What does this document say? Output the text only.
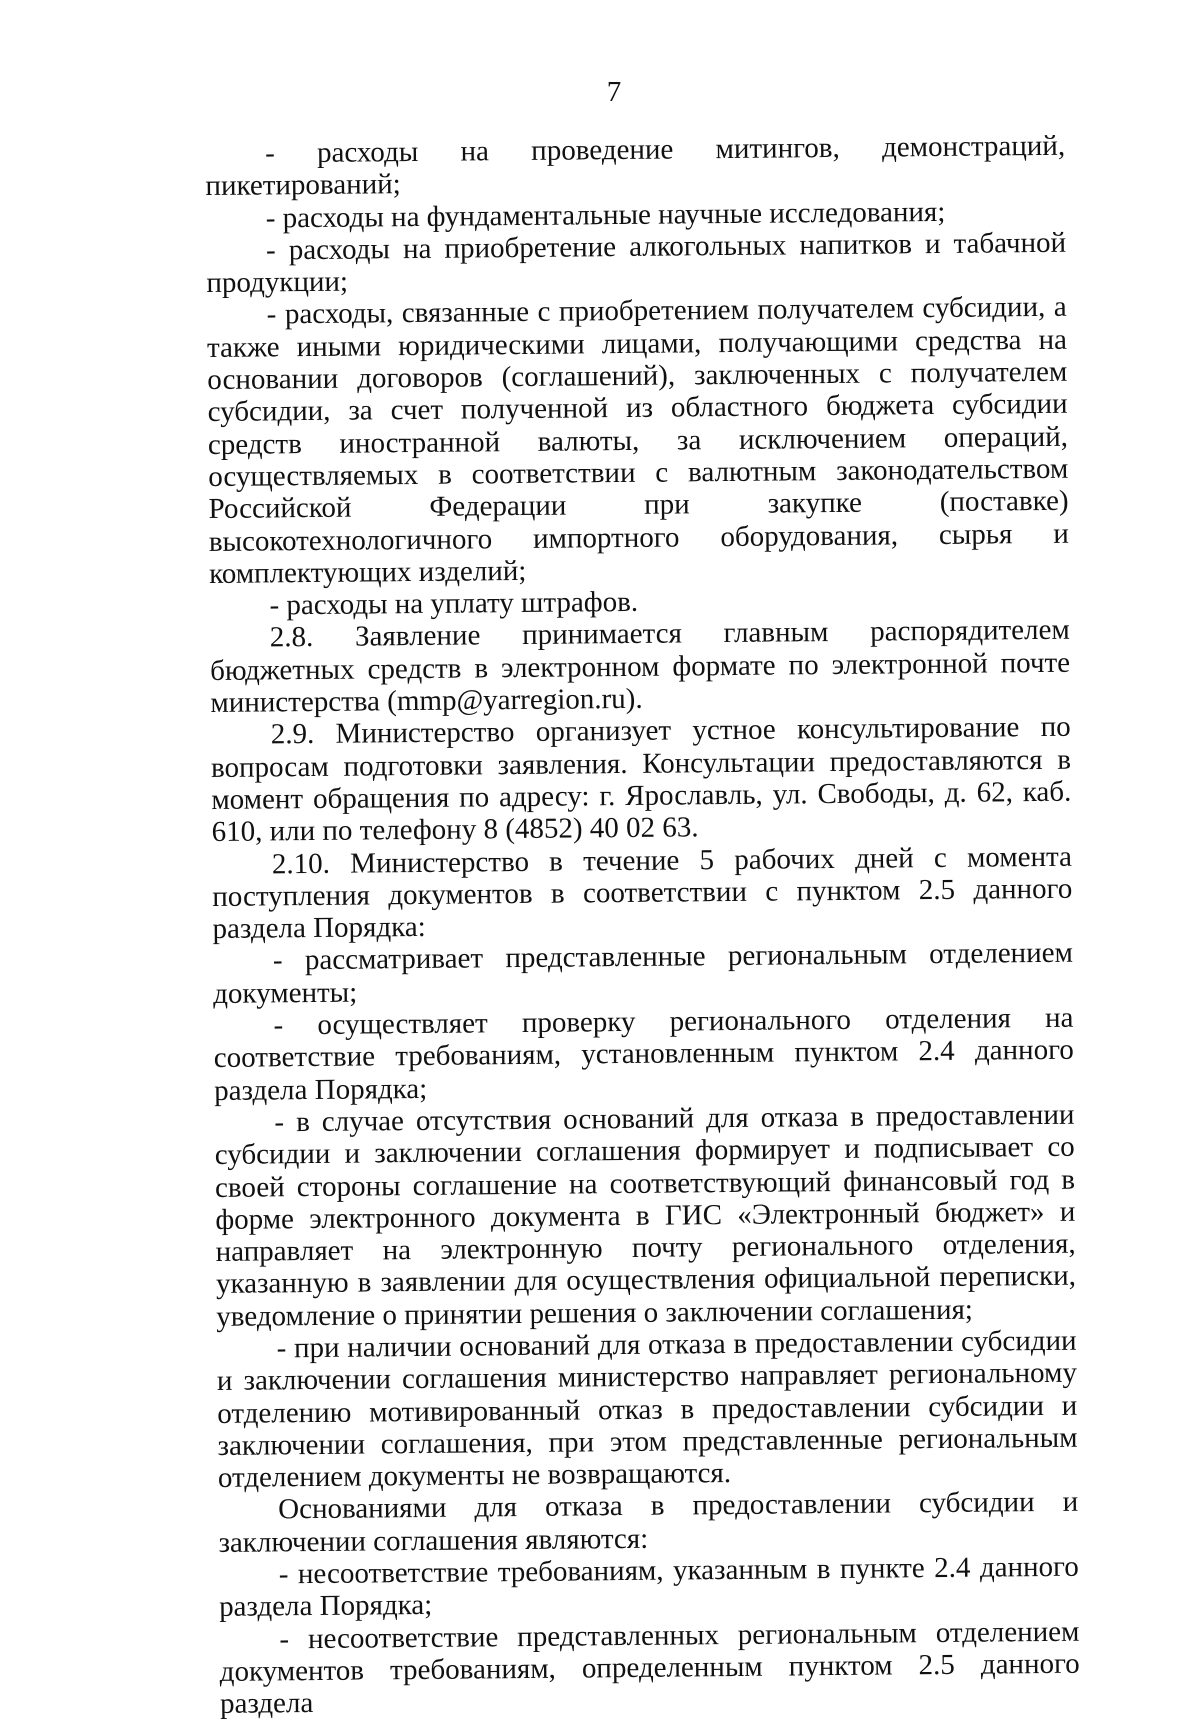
7

- расходы на проведение митингов, демонстраций, пикетирований;

- расходы на фундаментальные научные исследования;

- расходы на приобретение алкогольных напитков и табачной продукции;

- расходы, связанные с приобретением получателем субсидии, а также иными юридическими лицами, получающими средства на основании договоров (соглашений), заключенных с получателем субсидии, за счет полученной из областного бюджета субсидии средств иностранной валюты, за исключением операций, осуществляемых в соответствии с валютным законодательством Российской Федерации при закупке (поставке) высокотехнологичного импортного оборудования, сырья и комплектующих изделий;

- расходы на уплату штрафов.

2.8. Заявление принимается главным распорядителем бюджетных средств в электронном формате по электронной почте министерства (mmp@yarregion.ru).

2.9. Министерство организует устное консультирование по вопросам подготовки заявления. Консультации предоставляются в момент обращения по адресу: г. Ярославль, ул. Свободы, д. 62, каб. 610, или по телефону 8 (4852) 40 02 63.

2.10. Министерство в течение 5 рабочих дней с момента поступления документов в соответствии с пунктом 2.5 данного раздела Порядка:

- рассматривает представленные региональным отделением документы;

- осуществляет проверку регионального отделения на соответствие требованиям, установленным пунктом 2.4 данного раздела Порядка;

- в случае отсутствия оснований для отказа в предоставлении субсидии и заключении соглашения формирует и подписывает со своей стороны соглашение на соответствующий финансовый год в форме электронного документа в ГИС «Электронный бюджет» и направляет на электронную почту регионального отделения, указанную в заявлении для осуществления официальной переписки, уведомление о принятии решения о заключении соглашения;

- при наличии оснований для отказа в предоставлении субсидии и заключении соглашения министерство направляет региональному отделению мотивированный отказ в предоставлении субсидии и заключении соглашения, при этом представленные региональным отделением документы не возвращаются.

Основаниями для отказа в предоставлении субсидии и заключении соглашения являются:

- несоответствие требованиям, указанным в пункте 2.4 данного раздела Порядка;

- несоответствие представленных региональным отделением документов требованиям, определенным пунктом 2.5 данного раздела
